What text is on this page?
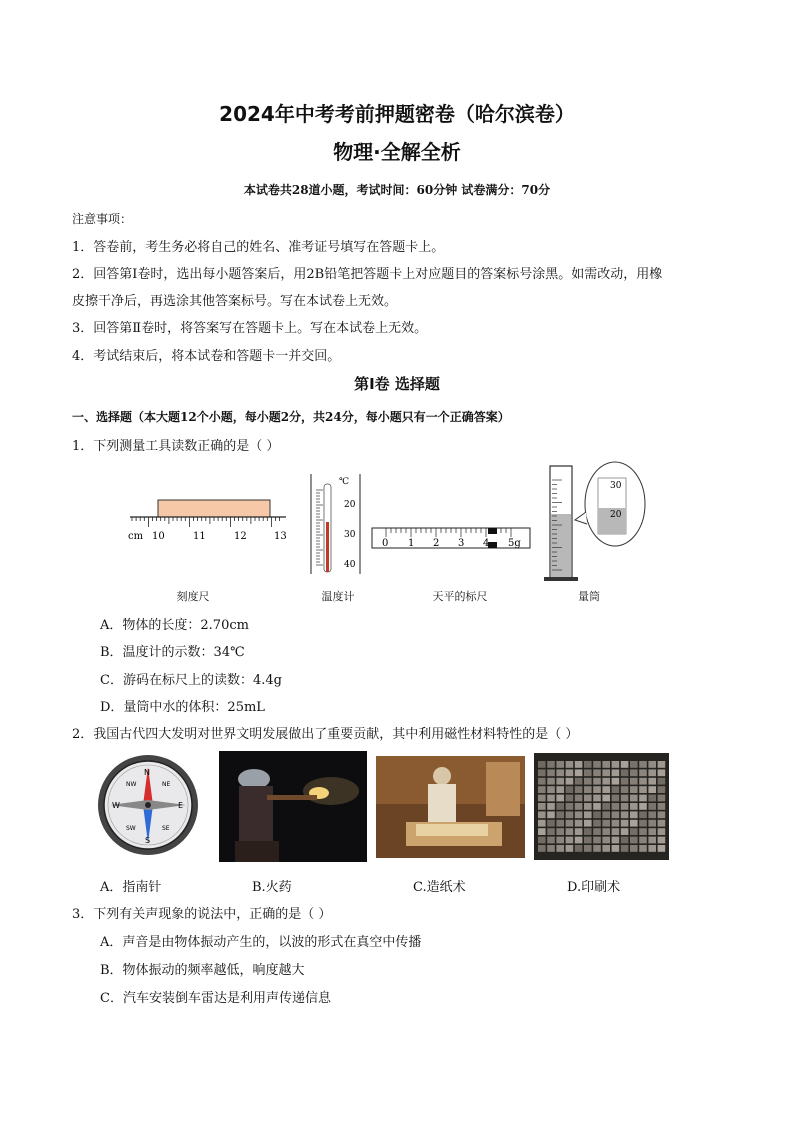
2024年中考考前押题密卷（哈尔滨卷）
物理·全解全析
本试卷共28道小题，考试时间：60分钟 试卷满分：70分
注意事项：
1．答卷前，考生务必将自己的姓名、准考证号填写在答题卡上。
2．回答第Ⅰ卷时，选出每小题答案后，用2B铅笔把答题卡上对应题目的答案标号涂黑。如需改动，用橡
皮擦干净后，再选涂其他答案标号。写在本试卷上无效。
3．回答第Ⅱ卷时，将答案写在答题卡上。写在本试卷上无效。
4．考试结束后，将本试卷和答题卡一并交回。
第Ⅰ卷 选择题
一、选择题（本大题12个小题，每小题2分，共24分，每小题只有一个正确答案）
1．下列测量工具读数正确的是（ ）
cm 10	11	12	13
℃
20
30
40
0 1 2 3 4 5g
30
20
刻度尺	温度计	天平的标尺	量筒
A．物体的长度：2.70cm
B．温度计的示数：34℃
C．游码在标尺上的读数：4.4g
D．量筒中水的体积：25mL
2．我国古代四大发明对世界文明发展做出了重要贡献，其中利用磁性材料特性的是（ ）
N
NE
E
SE
S
SW
W
NW
A．指南针	B.火药	C.造纸术	D.印刷术
3．下列有关声现象的说法中，正确的是（ ）
A．声音是由物体振动产生的，以波的形式在真空中传播
B．物体振动的频率越低，响度越大
C．汽车安装倒车雷达是利用声传递信息
